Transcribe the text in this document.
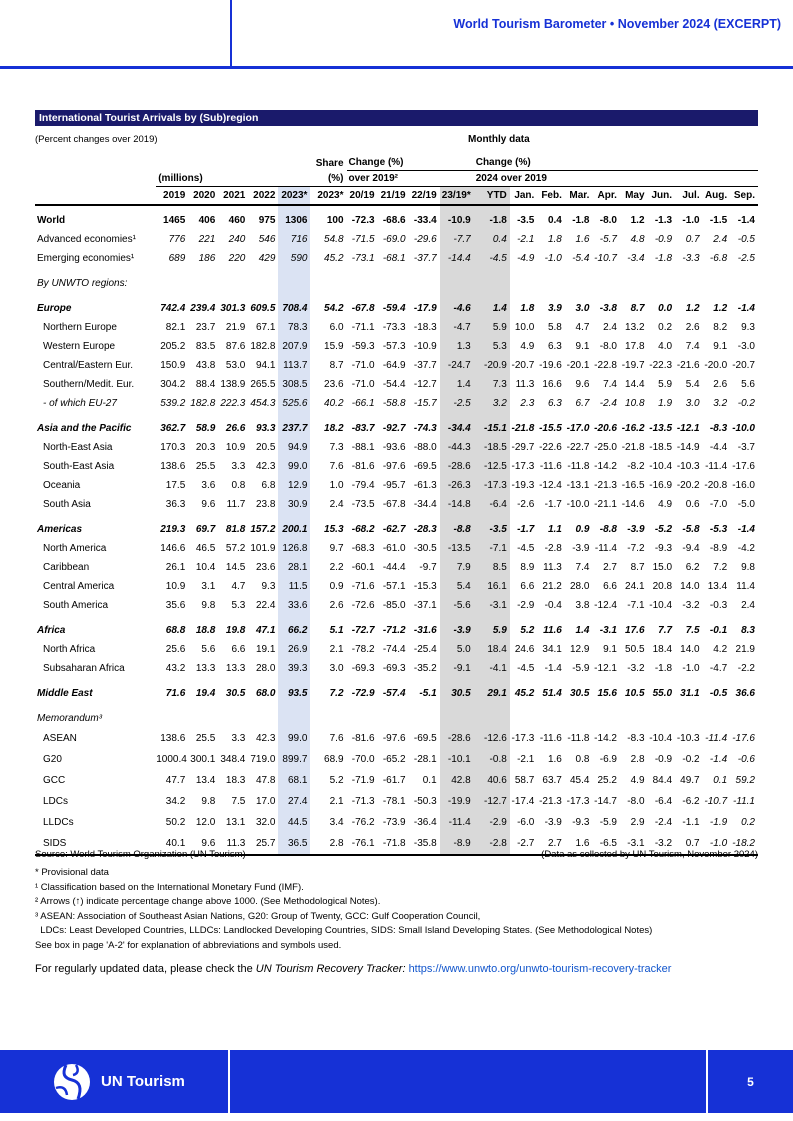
World Tourism Barometer • November 2024 (EXCERPT)
International Tourist Arrivals by (Sub)region
(Percent changes over 2019)	Monthly data
						Share	Change (%)				Change (%)									
	(millions)					(%)	over 2019²				2024 over 2019									
	2019	2020	2021	2022	2023*	2023*	20/19	21/19	22/19	23/19*	YTD	Jan.	Feb.	Mar.	Apr.	May	Jun.	Jul.	Aug.	Sep.

World	1465	406	460	975	1306	100	-72.3	-68.6	-33.4	-10.9	-1.8	-3.5	0.4	-1.8	-8.0	1.2	-1.3	-1.0	-1.5	-1.4
Advanced economies¹	776	221	240	546	716	54.8	-71.5	-69.0	-29.6	-7.7	0.4	-2.1	1.8	1.6	-5.7	4.8	-0.9	0.7	2.4	-0.5
Emerging economies¹	689	186	220	429	590	45.2	-73.1	-68.1	-37.7	-14.4	-4.5	-4.9	-1.0	-5.4	-10.7	-3.4	-1.8	-3.3	-6.8	-2.5

By UNWTO regions:																				

Europe	742.4	239.4	301.3	609.5	708.4	54.2	-67.8	-59.4	-17.9	-4.6	1.4	1.8	3.9	3.0	-3.8	8.7	0.0	1.2	1.2	-1.4
Northern Europe	82.1	23.7	21.9	67.1	78.3	6.0	-71.1	-73.3	-18.3	-4.7	5.9	10.0	5.8	4.7	2.4	13.2	0.2	2.6	8.2	9.3
Western Europe	205.2	83.5	87.6	182.8	207.9	15.9	-59.3	-57.3	-10.9	1.3	5.3	4.9	6.3	9.1	-8.0	17.8	4.0	7.4	9.1	-3.0
Central/Eastern Eur.	150.9	43.8	53.0	94.1	113.7	8.7	-71.0	-64.9	-37.7	-24.7	-20.9	-20.7	-19.6	-20.1	-22.8	-19.7	-22.3	-21.6	-20.0	-20.7
Southern/Medit. Eur.	304.2	88.4	138.9	265.5	308.5	23.6	-71.0	-54.4	-12.7	1.4	7.3	11.3	16.6	9.6	7.4	14.4	5.9	5.4	2.6	5.6
- of which EU-27	539.2	182.8	222.3	454.3	525.6	40.2	-66.1	-58.8	-15.7	-2.5	3.2	2.3	6.3	6.7	-2.4	10.8	1.9	3.0	3.2	-0.2

Asia and the Pacific	362.7	58.9	26.6	93.3	237.7	18.2	-83.7	-92.7	-74.3	-34.4	-15.1	-21.8	-15.5	-17.0	-20.6	-16.2	-13.5	-12.1	-8.3	-10.0
North-East Asia	170.3	20.3	10.9	20.5	94.9	7.3	-88.1	-93.6	-88.0	-44.3	-18.5	-29.7	-22.6	-22.7	-25.0	-21.8	-18.5	-14.9	-4.4	-3.7
South-East Asia	138.6	25.5	3.3	42.3	99.0	7.6	-81.6	-97.6	-69.5	-28.6	-12.5	-17.3	-11.6	-11.8	-14.2	-8.2	-10.4	-10.3	-11.4	-17.6
Oceania	17.5	3.6	0.8	6.8	12.9	1.0	-79.4	-95.7	-61.3	-26.3	-17.3	-19.3	-12.4	-13.1	-21.3	-16.5	-16.9	-20.2	-20.8	-16.0
South Asia	36.3	9.6	11.7	23.8	30.9	2.4	-73.5	-67.8	-34.4	-14.8	-6.4	-2.6	-1.7	-10.0	-21.1	-14.6	4.9	0.6	-7.0	-5.0

Americas	219.3	69.7	81.8	157.2	200.1	15.3	-68.2	-62.7	-28.3	-8.8	-3.5	-1.7	1.1	0.9	-8.8	-3.9	-5.2	-5.8	-5.3	-1.4
North America	146.6	46.5	57.2	101.9	126.8	9.7	-68.3	-61.0	-30.5	-13.5	-7.1	-4.5	-2.8	-3.9	-11.4	-7.2	-9.3	-9.4	-8.9	-4.2
Caribbean	26.1	10.4	14.5	23.6	28.1	2.2	-60.1	-44.4	-9.7	7.9	8.5	8.9	11.3	7.4	2.7	8.7	15.0	6.2	7.2	9.8
Central America	10.9	3.1	4.7	9.3	11.5	0.9	-71.6	-57.1	-15.3	5.4	16.1	6.6	21.2	28.0	6.6	24.1	20.8	14.0	13.4	11.4
South America	35.6	9.8	5.3	22.4	33.6	2.6	-72.6	-85.0	-37.1	-5.6	-3.1	-2.9	-0.4	3.8	-12.4	-7.1	-10.4	-3.2	-0.3	2.4

Africa	68.8	18.8	19.8	47.1	66.2	5.1	-72.7	-71.2	-31.6	-3.9	5.9	5.2	11.6	1.4	-3.1	17.6	7.7	7.5	-0.1	8.3
North Africa	25.6	5.6	6.6	19.1	26.9	2.1	-78.2	-74.4	-25.4	5.0	18.4	24.6	34.1	12.9	9.1	50.5	18.4	14.0	4.2	21.9
Subsaharan Africa	43.2	13.3	13.3	28.0	39.3	3.0	-69.3	-69.3	-35.2	-9.1	-4.1	-4.5	-1.4	-5.9	-12.1	-3.2	-1.8	-1.0	-4.7	-2.2

Middle East	71.6	19.4	30.5	68.0	93.5	7.2	-72.9	-57.4	-5.1	30.5	29.1	45.2	51.4	30.5	15.6	10.5	55.0	31.1	-0.5	36.6

Memorandum³																				
ASEAN	138.6	25.5	3.3	42.3	99.0	7.6	-81.6	-97.6	-69.5	-28.6	-12.6	-17.3	-11.6	-11.8	-14.2	-8.3	-10.4	-10.3	-11.4	-17.6
G20	1000.4	300.1	348.4	719.0	899.7	68.9	-70.0	-65.2	-28.1	-10.1	-0.8	-2.1	1.6	0.8	-6.9	2.8	-0.9	-0.2	-1.4	-0.6
GCC	47.7	13.4	18.3	47.8	68.1	5.2	-71.9	-61.7	0.1	42.8	40.6	58.7	63.7	45.4	25.2	4.9	84.4	49.7	0.1	59.2
LDCs	34.2	9.8	7.5	17.0	27.4	2.1	-71.3	-78.1	-50.3	-19.9	-12.7	-17.4	-21.3	-17.3	-14.7	-8.0	-6.4	-6.2	-10.7	-11.1
LLDCs	50.2	12.0	13.1	32.0	44.5	3.4	-76.2	-73.9	-36.4	-11.4	-2.9	-6.0	-3.9	-9.3	-5.9	2.9	-2.4	-1.1	-1.9	0.2
SIDS	40.1	9.6	11.3	25.7	36.5	2.8	-76.1	-71.8	-35.8	-8.9	-2.8	-2.7	2.7	1.6	-6.5	-3.1	-3.2	0.7	-1.0	-18.2
Source: World Tourism Organization (UN Tourism)	(Data as collected by UN Tourism, November 2024)
* Provisional data
¹ Classification based on the International Monetary Fund (IMF).
² Arrows (↑) indicate percentage change above 1000. (See Methodological Notes).
³ ASEAN: Association of Southeast Asian Nations, G20: Group of Twenty, GCC: Gulf Cooperation Council,
LDCs: Least Developed Countries, LLDCs: Landlocked Developing Countries, SIDS: Small Island Developing States. (See Methodological Notes)
See box in page 'A-2' for explanation of abbreviations and symbols used.
For regularly updated data, please check the UN Tourism Recovery Tracker: https://www.unwto.org/unwto-tourism-recovery-tracker
UN Tourism	5
